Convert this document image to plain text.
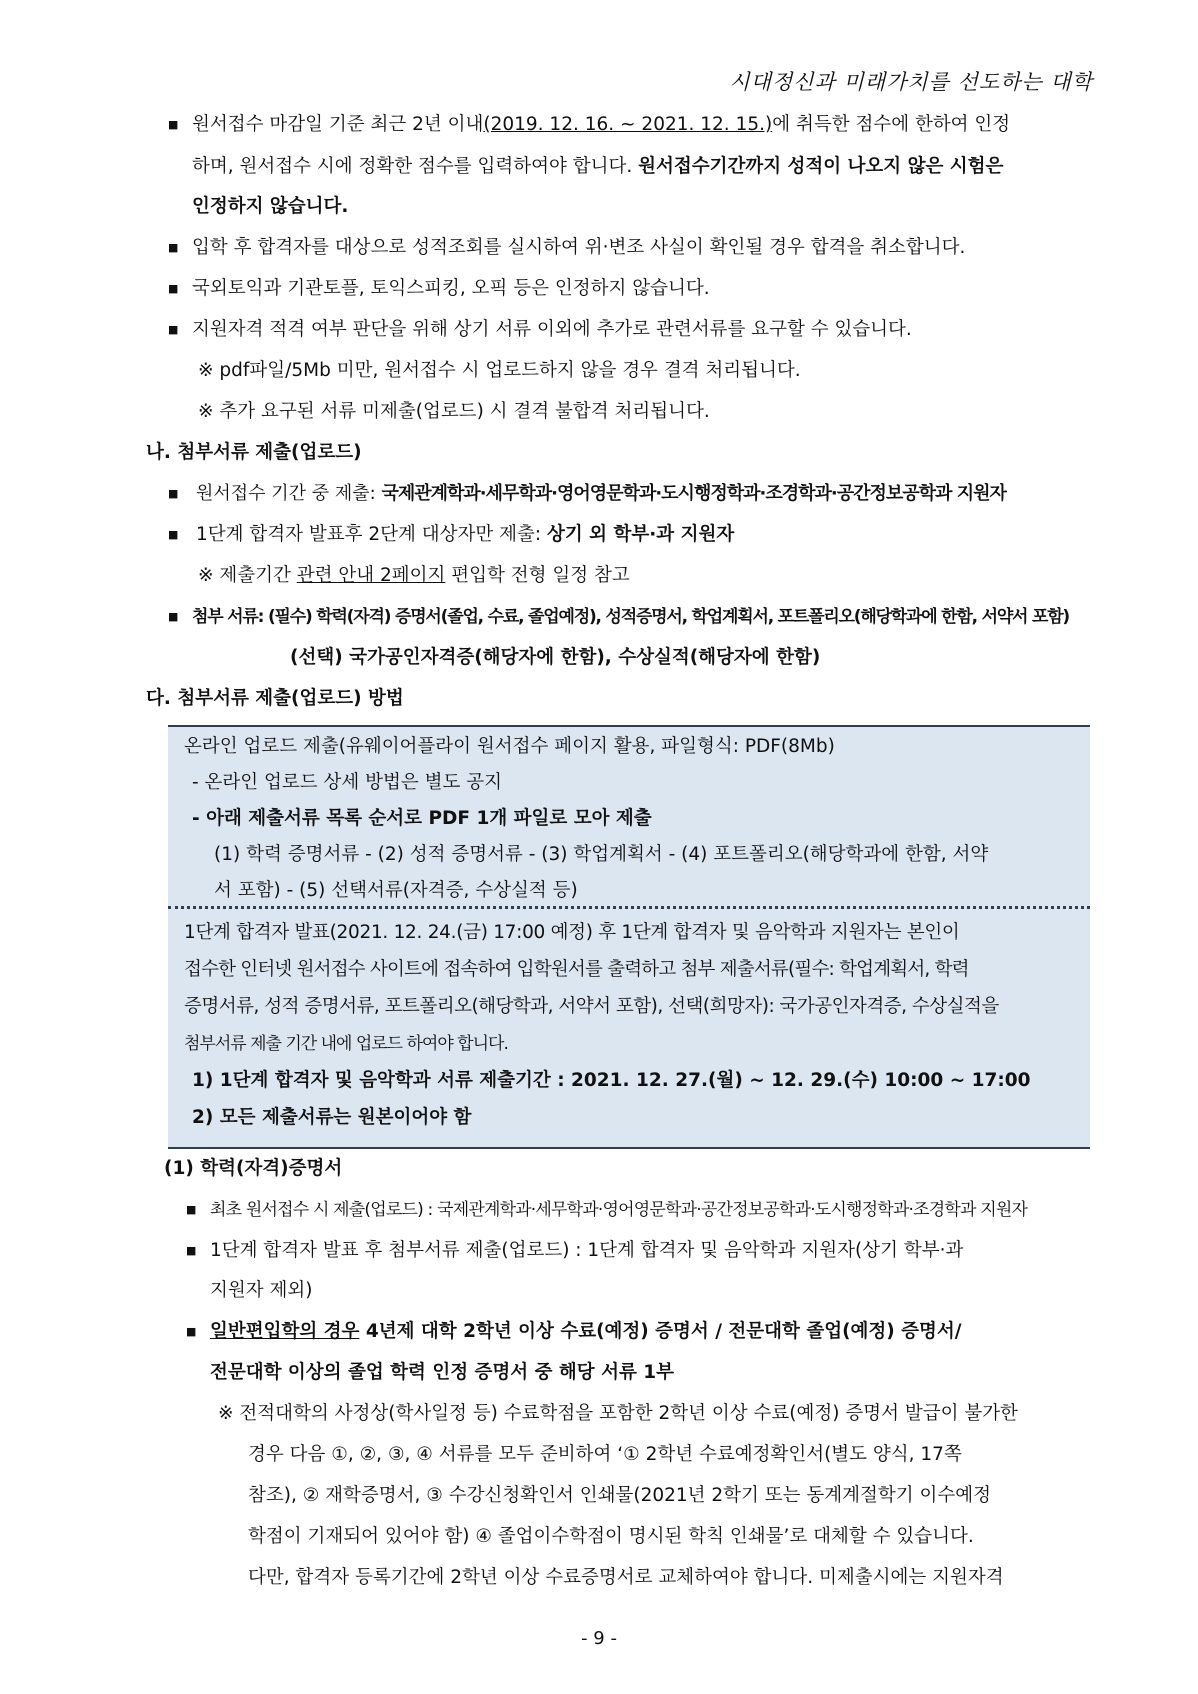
시대정신과 미래가치를 선도하는 대학
■ 원서접수 마감일 기준 최근 2년 이내(2019. 12. 16. ~ 2021. 12. 15.)에 취득한 점수에 한하여 인정
하며, 원서접수 시에 정확한 점수를 입력하여야 합니다. 원서접수기간까지 성적이 나오지 않은 시험은
인정하지 않습니다.
■ 입학 후 합격자를 대상으로 성적조회를 실시하여 위·변조 사실이 확인될 경우 합격을 취소합니다.
■ 국외토익과 기관토플, 토익스피킹, 오픽 등은 인정하지 않습니다.
■ 지원자격 적격 여부 판단을 위해 상기 서류 이외에 추가로 관련서류를 요구할 수 있습니다.
※ pdf파일/5Mb 미만, 원서접수 시 업로드하지 않을 경우 결격 처리됩니다.
※ 추가 요구된 서류 미제출(업로드) 시 결격 불합격 처리됩니다.
나. 첨부서류 제출(업로드)
■ 원서접수 기간 중 제출: 국제관계학과·세무학과·영어영문학과·도시행정학과·조경학과·공간정보공학과 지원자
■ 1단계 합격자 발표후 2단계 대상자만 제출: 상기 외 학부·과 지원자
※ 제출기간 관련 안내 2페이지 편입학 전형 일정 참고
■ 첨부 서류: (필수) 학력(자격) 증명서(졸업, 수료, 졸업예정), 성적증명서, 학업계획서, 포트폴리오(해당학과에 한함, 서약서 포함)
(선택) 국가공인자격증(해당자에 한함), 수상실적(해당자에 한함)
다. 첨부서류 제출(업로드) 방법
온라인 업로드 제출(유웨이어플라이 원서접수 페이지 활용, 파일형식: PDF(8Mb)
- 온라인 업로드 상세 방법은 별도 공지
- 아래 제출서류 목록 순서로 PDF 1개 파일로 모아 제출
(1) 학력 증명서류 - (2) 성적 증명서류 - (3) 학업계획서 - (4) 포트폴리오(해당학과에 한함, 서약
서 포함) - (5) 선택서류(자격증, 수상실적 등)
1단계 합격자 발표(2021. 12. 24.(금) 17:00 예정) 후 1단계 합격자 및 음악학과 지원자는 본인이
접수한 인터넷 원서접수 사이트에 접속하여 입학원서를 출력하고 첨부 제출서류(필수: 학업계획서, 학력
증명서류, 성적 증명서류, 포트폴리오(해당학과, 서약서 포함), 선택(희망자): 국가공인자격증, 수상실적을
첨부서류 제출 기간 내에 업로드 하여야 합니다.
1) 1단계 합격자 및 음악학과 서류 제출기간 : 2021. 12. 27.(월) ~ 12. 29.(수) 10:00 ~ 17:00
2) 모든 제출서류는 원본이어야 함
(1) 학력(자격)증명서
■ 최초 원서접수 시 제출(업로드) : 국제관계학과·세무학과·영어영문학과·공간정보공학과·도시행정학과·조경학과 지원자
■ 1단계 합격자 발표 후 첨부서류 제출(업로드) : 1단계 합격자 및 음악학과 지원자(상기 학부·과
지원자 제외)
■ 일반편입학의 경우 4년제 대학 2학년 이상 수료(예정) 증명서 / 전문대학 졸업(예정) 증명서/
전문대학 이상의 졸업 학력 인정 증명서 중 해당 서류 1부
※ 전적대학의 사정상(학사일정 등) 수료학점을 포함한 2학년 이상 수료(예정) 증명서 발급이 불가한
경우 다음 ①, ②, ③, ④ 서류를 모두 준비하여 ‘① 2학년 수료예정확인서(별도 양식, 17쪽
참조), ② 재학증명서, ③ 수강신청확인서 인쇄물(2021년 2학기 또는 동계계절학기 이수예정
학점이 기재되어 있어야 함) ④ 졸업이수학점이 명시된 학칙 인쇄물’로 대체할 수 있습니다.
다만, 합격자 등록기간에 2학년 이상 수료증명서로 교체하여야 합니다. 미제출시에는 지원자격
- 9 -
